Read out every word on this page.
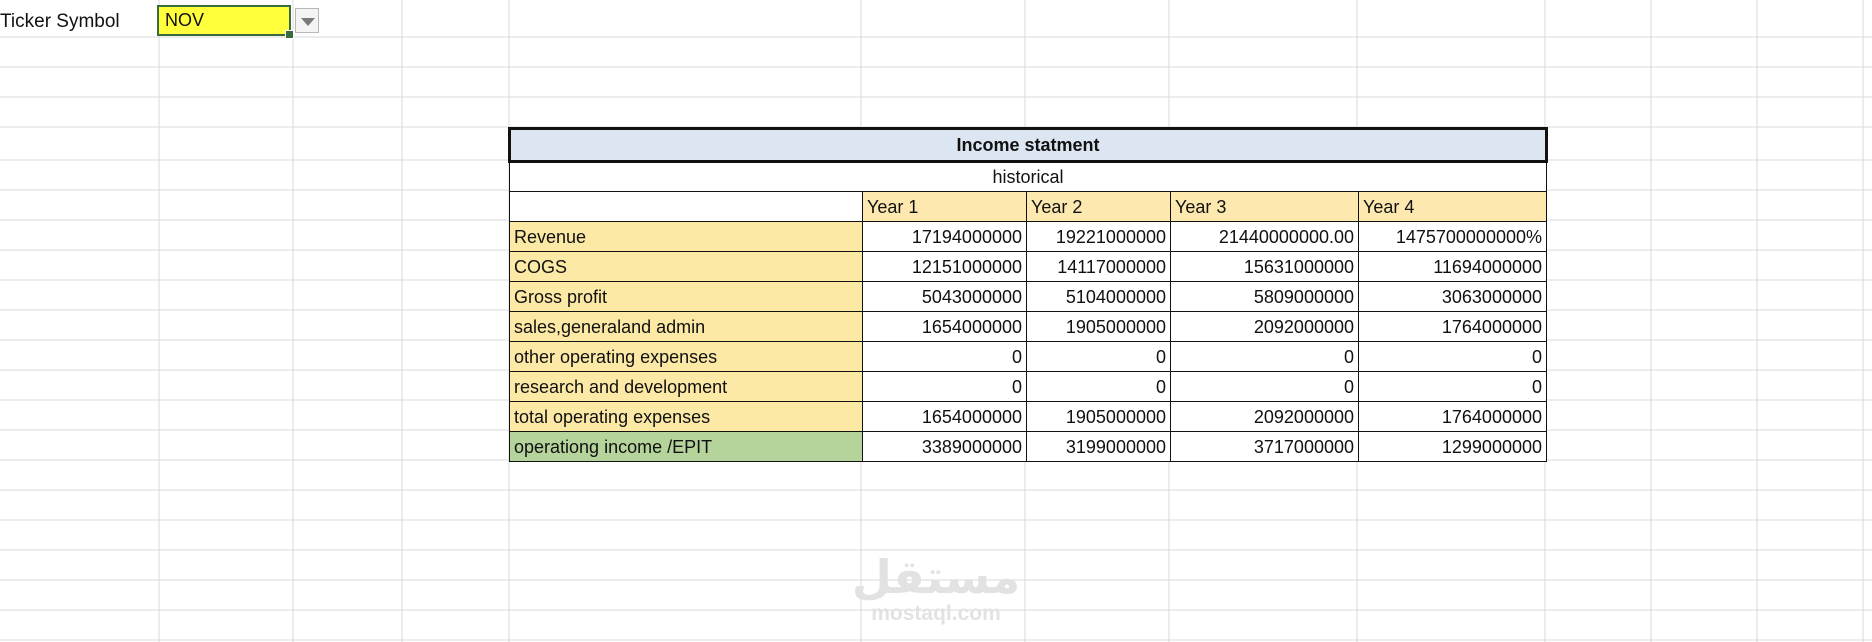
Ticker Symbol	NOV
Income statment				
historical				
	Year 1	Year 2	Year 3	Year 4
Revenue	17194000000	19221000000	21440000000.00	1475700000000%
COGS	12151000000	14117000000	15631000000	11694000000
Gross profit	5043000000	5104000000	5809000000	3063000000
sales,generaland admin	1654000000	1905000000	2092000000	1764000000
other operating expenses	0	0	0	0
research and development	0	0	0	0
total operating expenses	1654000000	1905000000	2092000000	1764000000
operationg income /EPIT	3389000000	3199000000	3717000000	1299000000
مستقل
mostaql.com
